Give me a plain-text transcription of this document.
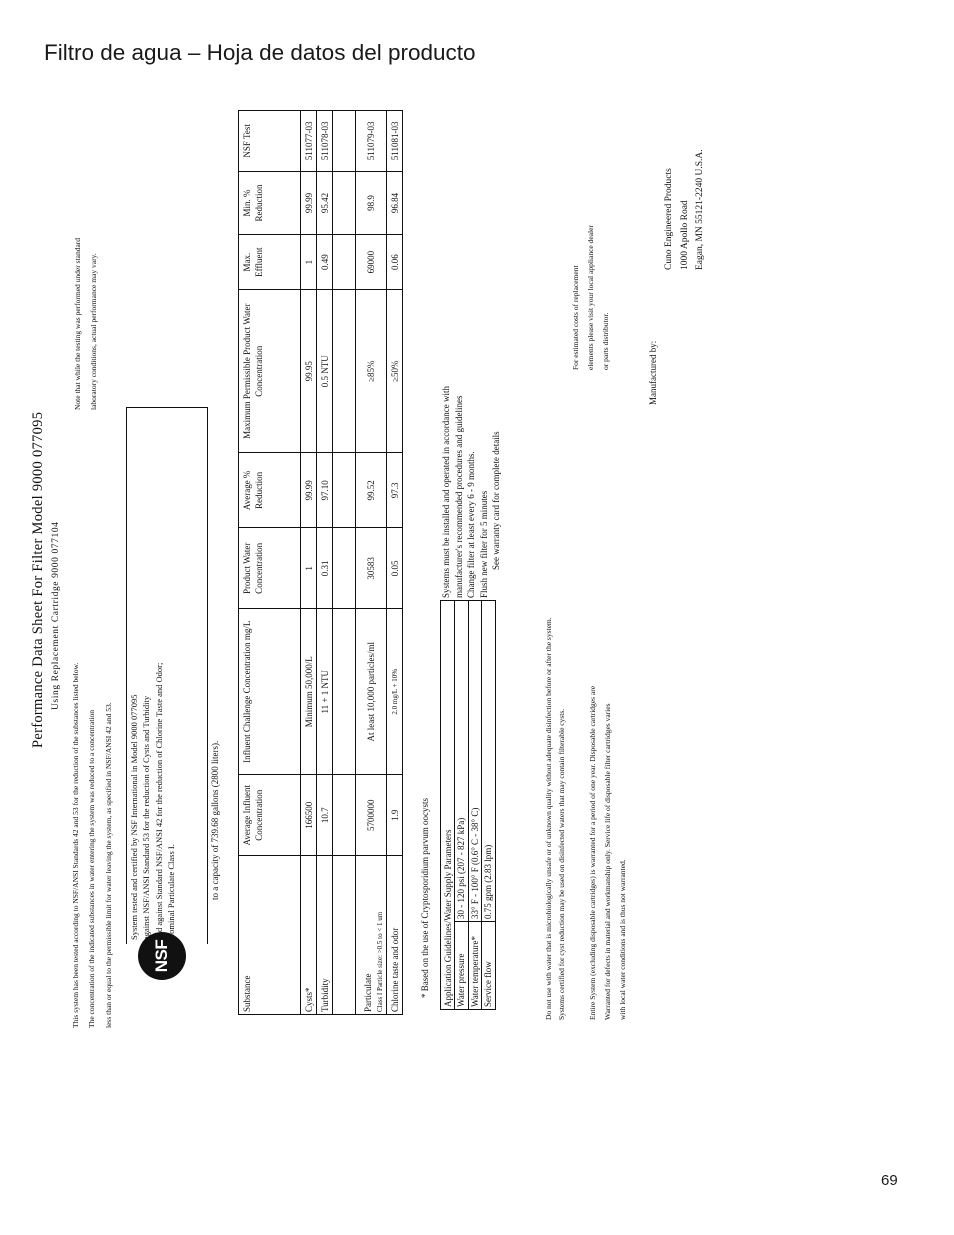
Filtro de agua – Hoja de datos del producto
69
Performance Data Sheet For Filter Model 9000 077095 Using Replacement Cartridge 9000 077104
This system has been tested according to NSF/ANSI Standards 42 and 53 for the reduction of the substances listed below. The concentration of the indicated substances in water entering the system was reduced to a concentration less than or equal to the permissible limit for water leaving the system, as specified in NSF/ANSI 42 and 53.
Note that while the testing was performed under standard laboratory conditions, actual performance may vary.
NSF
System tested and certified by NSF International in Model 9000 077095 against NSF/ANSI Standard 53 for the reduction of Cysts and Turbidity and against Standard NSF/ANSI 42 for the reduction of Chlorine Taste and Odor; Nominal Particulate Class I.	to a capacity of 739.68 gallons (2800 liters).
Substance	Average Influent Concentration	Influent Challenge Concentration mg/L	Product Water Concentration	Average % Reduction	Maximum Permissible Product Water Concentration	Max. Effluent	Min. % Reduction	NSF Test
Cysts*	166500	Minimum 50,000/L	1	99.99	99.95	1	99.99	511077-03
Turbidity	10.7	11 + 1 NTU	0.31	97.10	0.5 NTU	0.49	95.42	511078-03

Particulate Class I Particle size: >0.5 to < 1 um	5700000	At least 10,000 particles/ml	30583	99.52	≥85%	69000	98.9	511079-03
Chlorine taste and odor	1.9	2.0 mg/L + 10%	0.05	97.3	≥50%	0.06	96.84	511081-03
* Based on the use of Cryptosporidium parvum oocysts Application Guidelines/Water Supply Parameters	
Water pressure	30 - 120 psi (207 - 827 kPa)
Water temperature*	33° F - 100° F (0.6° C - 38° C)
Service flow	0.75 gpm (2.83 lpm)
Systems must be installed and operated in accordance with manufacturer's recommended procedures and guidelines Change filter at least every 6 - 9 months. Flush new filter for 5 minutes See warranty card for complete details
Do not use with water that is microbiologically unsafe or of unknown quality without adequate disinfection before or after the system. Systems certified for cyst reduction may be used on disinfected waters that may contain filterable cysts.	Entire System (excluding disposable cartridges) is warranted for a period of one year. Disposable cartridges are Warranted for defects in material and workmanship only. Service life of disposable filter cartridges varies with local water conditions and is thus not warranted.
For estimated costs of replacement elements please visit your local appliance dealer or parts distributor.	Manufactured by:
Cuno Engineered Products 1000 Apollo Road Eagan, MN 55121-2240 U.S.A.
